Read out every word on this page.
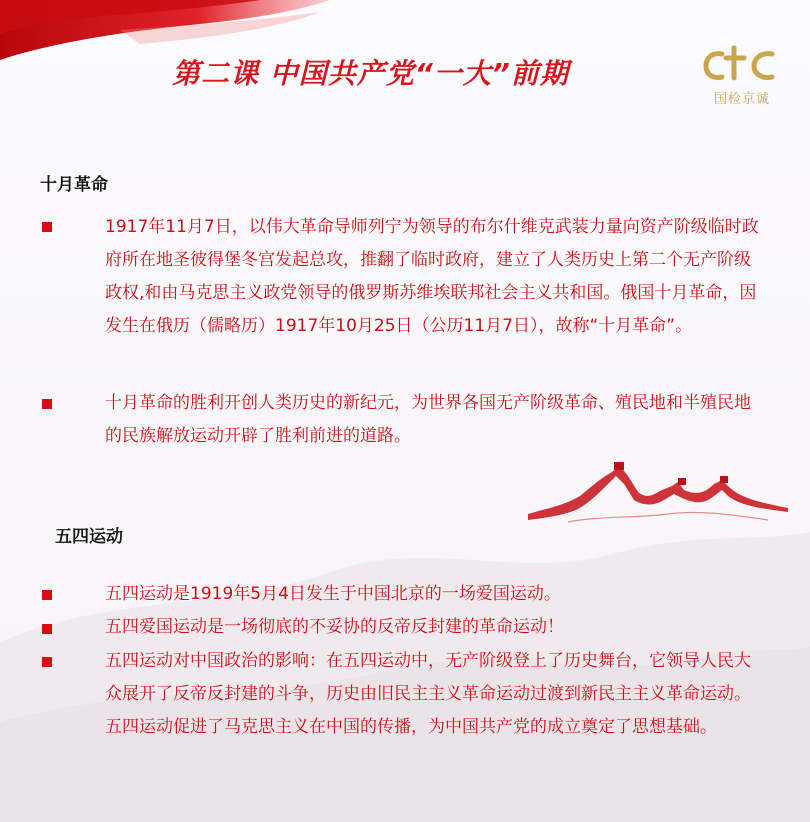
第二课 中国共产党“一大”前期
国检京诚
十月革命

1917年11月7日，以伟大革命导师列宁为领导的布尔什维克武装力量向资产阶级临时政府所在地圣彼得堡冬宫发起总攻，推翻了临时政府，建立了人类历史上第二个无产阶级政权,和由马克思主义政党领导的俄罗斯苏维埃联邦社会主义共和国。俄国十月革命，因发生在俄历（儒略历）1917年10月25日（公历11月7日），故称“十月革命”。

十月革命的胜利开创人类历史的新纪元，为世界各国无产阶级革命、殖民地和半殖民地的民族解放运动开辟了胜利前进的道路。

五四运动

五四运动是1919年5月4日发生于中国北京的一场爱国运动。

五四爱国运动是一场彻底的不妥协的反帝反封建的革命运动！

五四运动对中国政治的影响：在五四运动中，无产阶级登上了历史舞台，它领导人民大众展开了反帝反封建的斗争，历史由旧民主主义革命运动过渡到新民主主义革命运动。五四运动促进了马克思主义在中国的传播，为中国共产党的成立奠定了思想基础。
